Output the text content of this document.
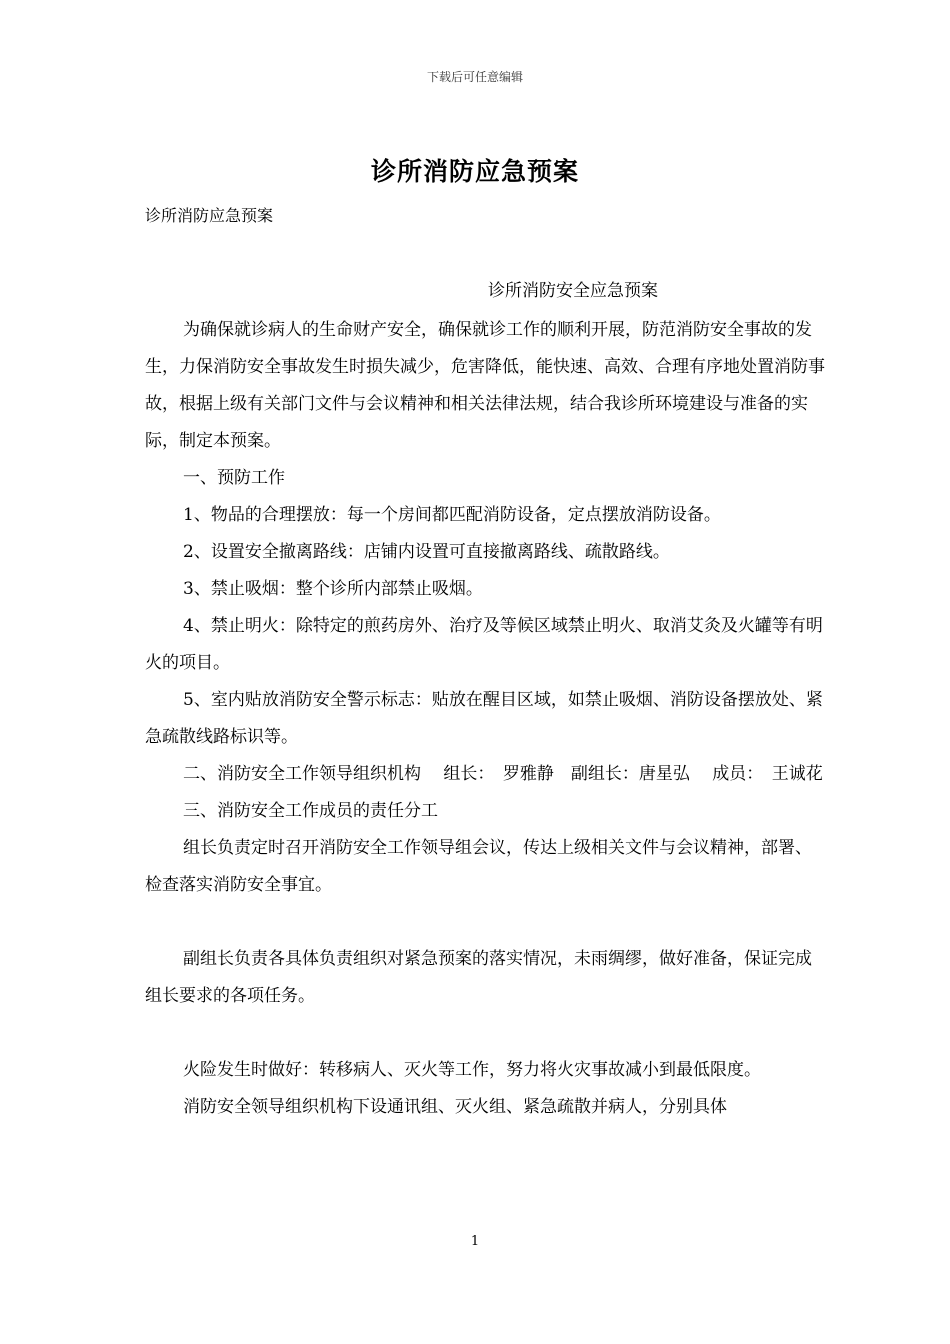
下载后可任意编辑
诊所消防应急预案
诊所消防应急预案
诊所消防安全应急预案

为确保就诊病人的生命财产安全，确保就诊工作的顺利开展，防范消防安全事故的发生，力保消防安全事故发生时损失减少，危害降低，能快速、高效、合理有序地处置消防事故，根据上级有关部门文件与会议精神和相关法律法规，结合我诊所环境建设与准备的实际，制定本预案。

一、预防工作

1、物品的合理摆放：每一个房间都匹配消防设备，定点摆放消防设备。

2、设置安全撤离路线：店铺内设置可直接撤离路线、疏散路线。

3、禁止吸烟：整个诊所内部禁止吸烟。

4、禁止明火：除特定的煎药房外、治疗及等候区域禁止明火、取消艾灸及火罐等有明火的项目。

5、室内贴放消防安全警示标志：贴放在醒目区域，如禁止吸烟、消防设备摆放处、紧急疏散线路标识等。

二、消防安全工作领导组织机构　 组长：　罗雅静　副组长：唐星弘　 成员：　王诚花

三、消防安全工作成员的责任分工

组长负责定时召开消防安全工作领导组会议，传达上级相关文件与会议精神，部署、检查落实消防安全事宜。

副组长负责各具体负责组织对紧急预案的落实情况，未雨绸缪，做好准备，保证完成组长要求的各项任务。

火险发生时做好：转移病人、灭火等工作，努力将火灾事故减小到最低限度。

消防安全领导组织机构下设通讯组、灭火组、紧急疏散并病人，分别具体

1
